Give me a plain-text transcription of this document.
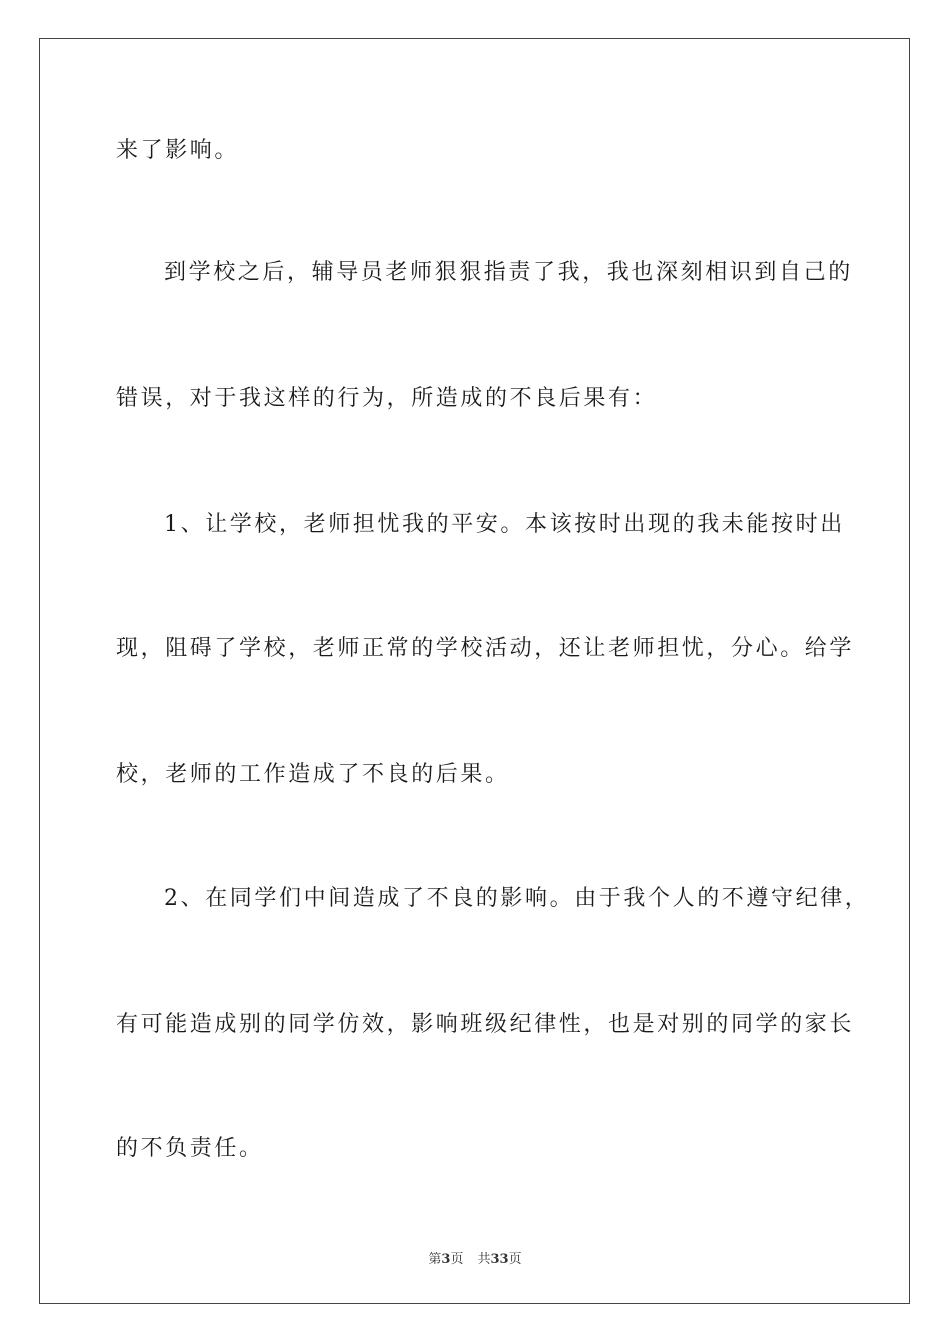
来了影响。

到学校之后，辅导员老师狠狠指责了我，我也深刻相识到自己的

错误，对于我这样的行为，所造成的不良后果有：

1、让学校，老师担忧我的平安。本该按时出现的我未能按时出

现，阻碍了学校，老师正常的学校活动，还让老师担忧，分心。给学

校，老师的工作造成了不良的后果。

2、在同学们中间造成了不良的影响。由于我个人的不遵守纪律，

有可能造成别的同学仿效，影响班级纪律性，也是对别的同学的家长

的不负责任。

第3页 共33页
